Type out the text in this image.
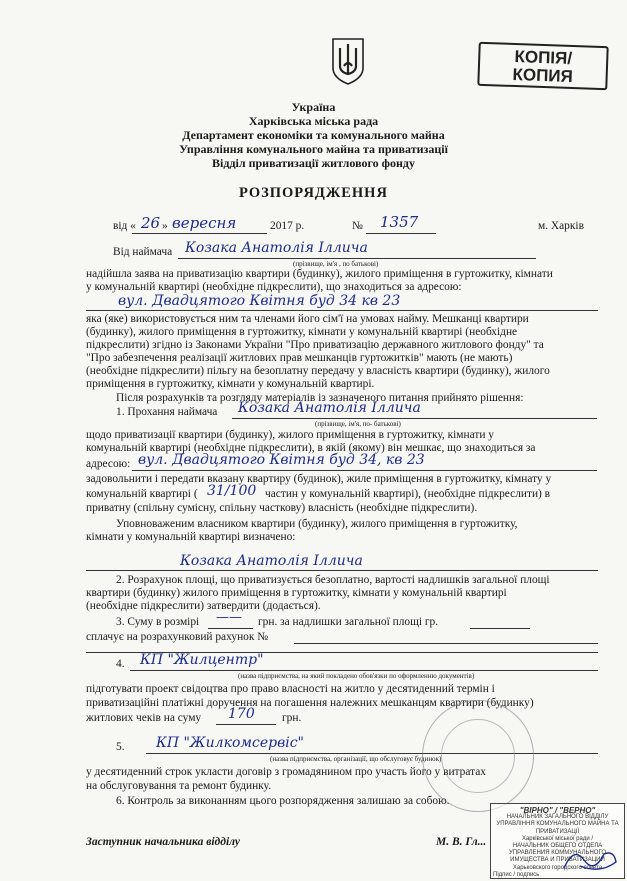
КОПІЯ/
КОПИЯ
Україна
Харківська міська рада
Департамент економіки та комунального майна
Управління комунального майна та приватизації
Відділ приватизації житлового фонду
РОЗПОРЯДЖЕННЯ
від « 26 » вересня	2017 р.	№ 1357	м. Харків
Від наймача Козака Анатолія Іллича
(прізвище, ім'я , по батькові)
надійшла заява на приватизацію квартири (будинку), жилого приміщення в гуртожитку, кімнати
у комунальній квартирі (необхідне підкреслити), що знаходиться за адресою:
вул. Двадцятого Квітня буд 34 кв 23
яка (яке) використовується ним та членами його сім'ї на умовах найму. Мешканці квартири
(будинку), жилого приміщення в гуртожитку, кімнати у комунальній квартирі (необхідне
підкреслити) згідно із Законами України "Про приватизацію державного житлового фонду" та
"Про забезпечення реалізації житлових прав мешканців гуртожитків" мають (не мають)
(необхідне підкреслити) пільгу на безоплатну передачу у власність квартири (будинку), жилого
приміщення в гуртожитку, кімнати у комунальній квартирі.
Після розрахунків та розгляду матеріалів із зазначеного питання прийнято рішення:
1. Прохання наймача Козака Анатолія Іллича
(прізвище, ім'я, по- батькові)
щодо приватизації квартири (будинку), жилого приміщення в гуртожитку, кімнати у
комунальній квартирі (необхідне підкреслити), в якій (якому) він мешкає, що знаходиться за
адресою: вул. Двадцятого Квітня буд 34, кв 23
задовольнити і передати вказану квартиру (будинок), жиле приміщення в гуртожитку, кімнату у
комунальній квартирі ( 31/100 частин у комунальній квартирі), (необхідне підкреслити) в
приватну (спільну сумісну, спільну часткову) власність (необхідне підкреслити).
Уповноваженим власником квартири (будинку), жилого приміщення в гуртожитку,
кімнати у комунальній квартирі визначено:
Козака Анатолія Іллича
2. Розрахунок площі, що приватизується безоплатно, вартості надлишків загальної площі
квартири (будинку) жилого приміщення в гуртожитку, кімнати у комунальній квартирі
(необхідне підкреслити) затвердити (додається).
3. Суму в розмірі —— грн. за надлишки загальної площі гр.
сплачує на розрахунковий рахунок №
4. КП "Жилцентр"
(назва підприємства, на який покладено обов'язки по оформленню документів)
підготувати проект свідоцтва про право власності на житло у десятиденний термін і
приватизаційні платіжні доручення на погашення належних мешканцям квартири (будинку)
житлових чеків на суму 170 грн.
5. КП "Жилкомсервіс"
(назва підприємства, організації, що обслуговує будинок)
у десятиденний строк укласти договір з громадянином про участь його у витратах
на обслуговування та ремонт будинку.
6. Контроль за виконанням цього розпорядження залишаю за собою.
Заступник начальника відділу	М. В. Гл...
"ВІРНО" / "ВЕРНО"
НАЧАЛЬНИК ЗАГАЛЬНОГО ВІДДІЛУ
УПРАВЛІННЯ КОМУНАЛЬНОГО МАЙНА ТА ПРИВАТИЗАЦІЇ
Харківської міської ради /
НАЧАЛЬНИК ОБЩЕГО ОТДЕЛА
УПРАВЛЕНИЯ КОММУНАЛЬНОГО ИМУЩЕСТВА И ПРИВАТИЗАЦИИ
Харьковского городского совета
Підпис / подпись
